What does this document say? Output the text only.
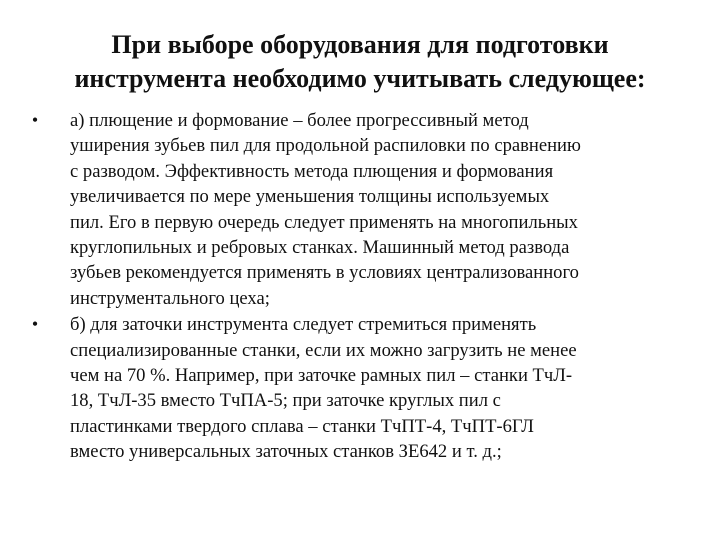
При выборе оборудования для подготовки
инструмента необходимо учитывать следующее:
• а) плющение и формование – более прогрессивный метод
уширения зубьев пил для продольной распиловки по сравнению
с разводом. Эффективность метода плющения и формования
увеличивается по мере уменьшения толщины используемых
пил. Его в первую очередь следует применять на многопильных
круглопильных и ребровых станках. Машинный метод развода
зубьев рекомендуется применять в условиях централизованного
инструментального цеха;
• б) для заточки инструмента следует стремиться применять
специализированные станки, если их можно загрузить не менее
чем на 70 %. Например, при заточке рамных пил – станки ТчЛ-
18, ТчЛ-35 вместо ТчПА-5; при заточке круглых пил с
пластинками твердого сплава – станки ТчПТ-4, ТчПТ-6ГЛ
вместо универсальных заточных станков ЗЕ642 и т. д.;
